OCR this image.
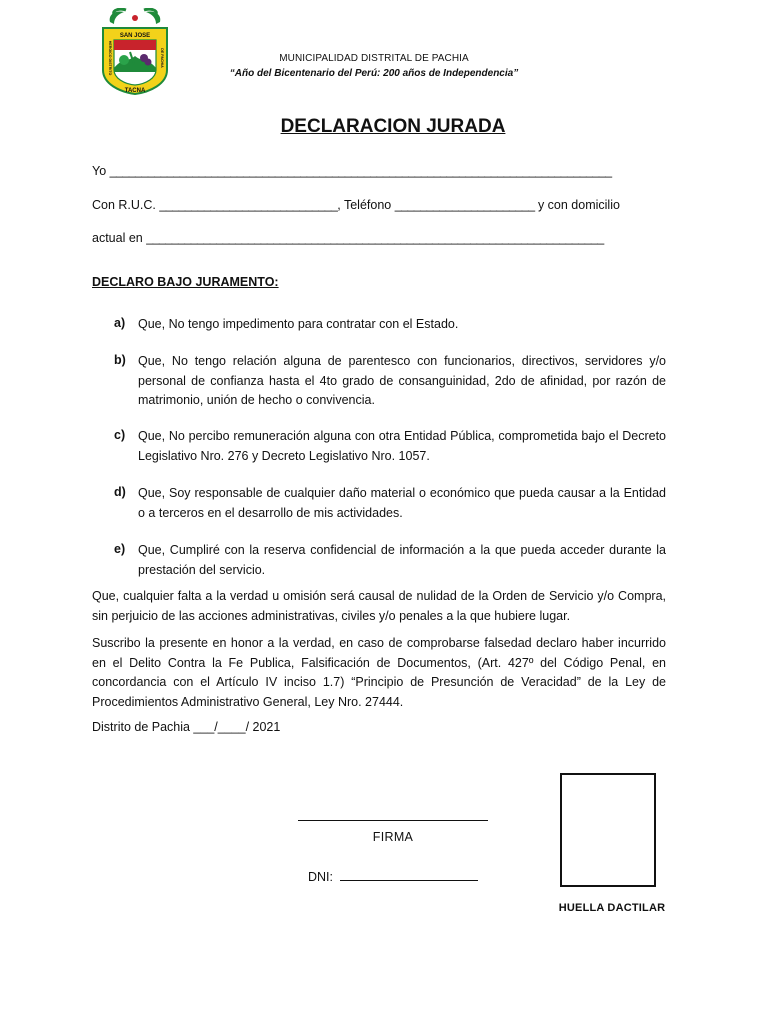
SAN JOSE
HEROICO DISTRITO	DE PACHIA
TACNA
MUNICIPALIDAD DISTRITAL DE PACHIA
“Año del Bicentenario del Perú: 200 años de Independencia”
DECLARACION JURADA
Yo _______________________________________________________________________________
Con R.U.C. ____________________________, Teléfono ______________________ y con domicilio
actual en ________________________________________________________________________
DECLARO BAJO JURAMENTO:
a)	Que, No tengo impedimento para contratar con el Estado.
b) Que, No tengo relación alguna de parentesco con funcionarios, directivos, servidores y/o personal de confianza hasta el 4to grado de consanguinidad, 2do de afinidad, por razón de matrimonio, unión de hecho o convivencia.
c)	Que, No percibo remuneración alguna con otra Entidad Pública, comprometida bajo el Decreto Legislativo Nro. 276 y Decreto Legislativo Nro. 1057.
d) Que, Soy responsable de cualquier daño material o económico que pueda causar a la Entidad o a terceros en el desarrollo de mis actividades.
e)	Que, Cumpliré con la reserva confidencial de información a la que pueda acceder durante la prestación del servicio.
Que, cualquier falta a la verdad u omisión será causal de nulidad de la Orden de Servicio y/o Compra, sin perjuicio de las acciones administrativas, civiles y/o penales a la que hubiere lugar.
Suscribo la presente en honor a la verdad, en caso de comprobarse falsedad declaro haber incurrido en el Delito Contra la Fe Publica, Falsificación de Documentos, (Art. 427º del Código Penal, en concordancia con el Artículo IV inciso 1.7) “Principio de Presunción de Veracidad” de la Ley de Procedimientos Administrativo General, Ley Nro. 27444.
Distrito de Pachia ___/____/ 2021
FIRMA
DNI:
HUELLA DACTILAR
